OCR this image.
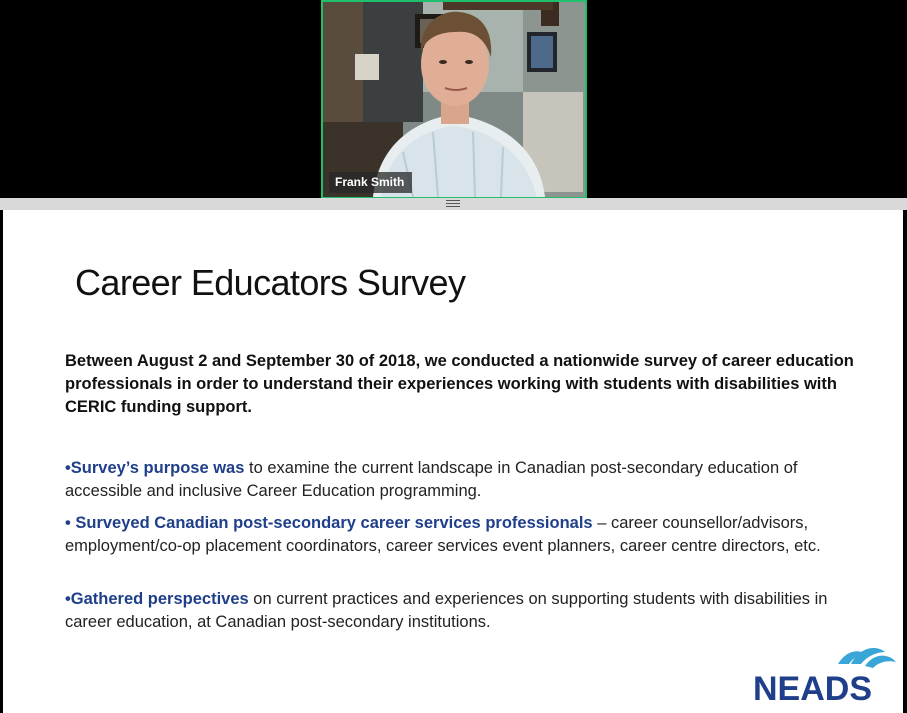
Frank Smith
Career Educators Survey
Between August 2 and September 30 of 2018, we conducted a nationwide survey of career education professionals in order to understand their experiences working with students with disabilities with CERIC funding support.
•Survey’s purpose was to examine the current landscape in Canadian post-secondary education of accessible and inclusive Career Education programming.
• Surveyed Canadian post-secondary career services professionals – career counsellor/advisors, employment/co-op placement coordinators, career services event planners, career centre directors, etc.
•Gathered perspectives on current practices and experiences on supporting students with disabilities in career education, at Canadian post-secondary institutions.
NEADS
